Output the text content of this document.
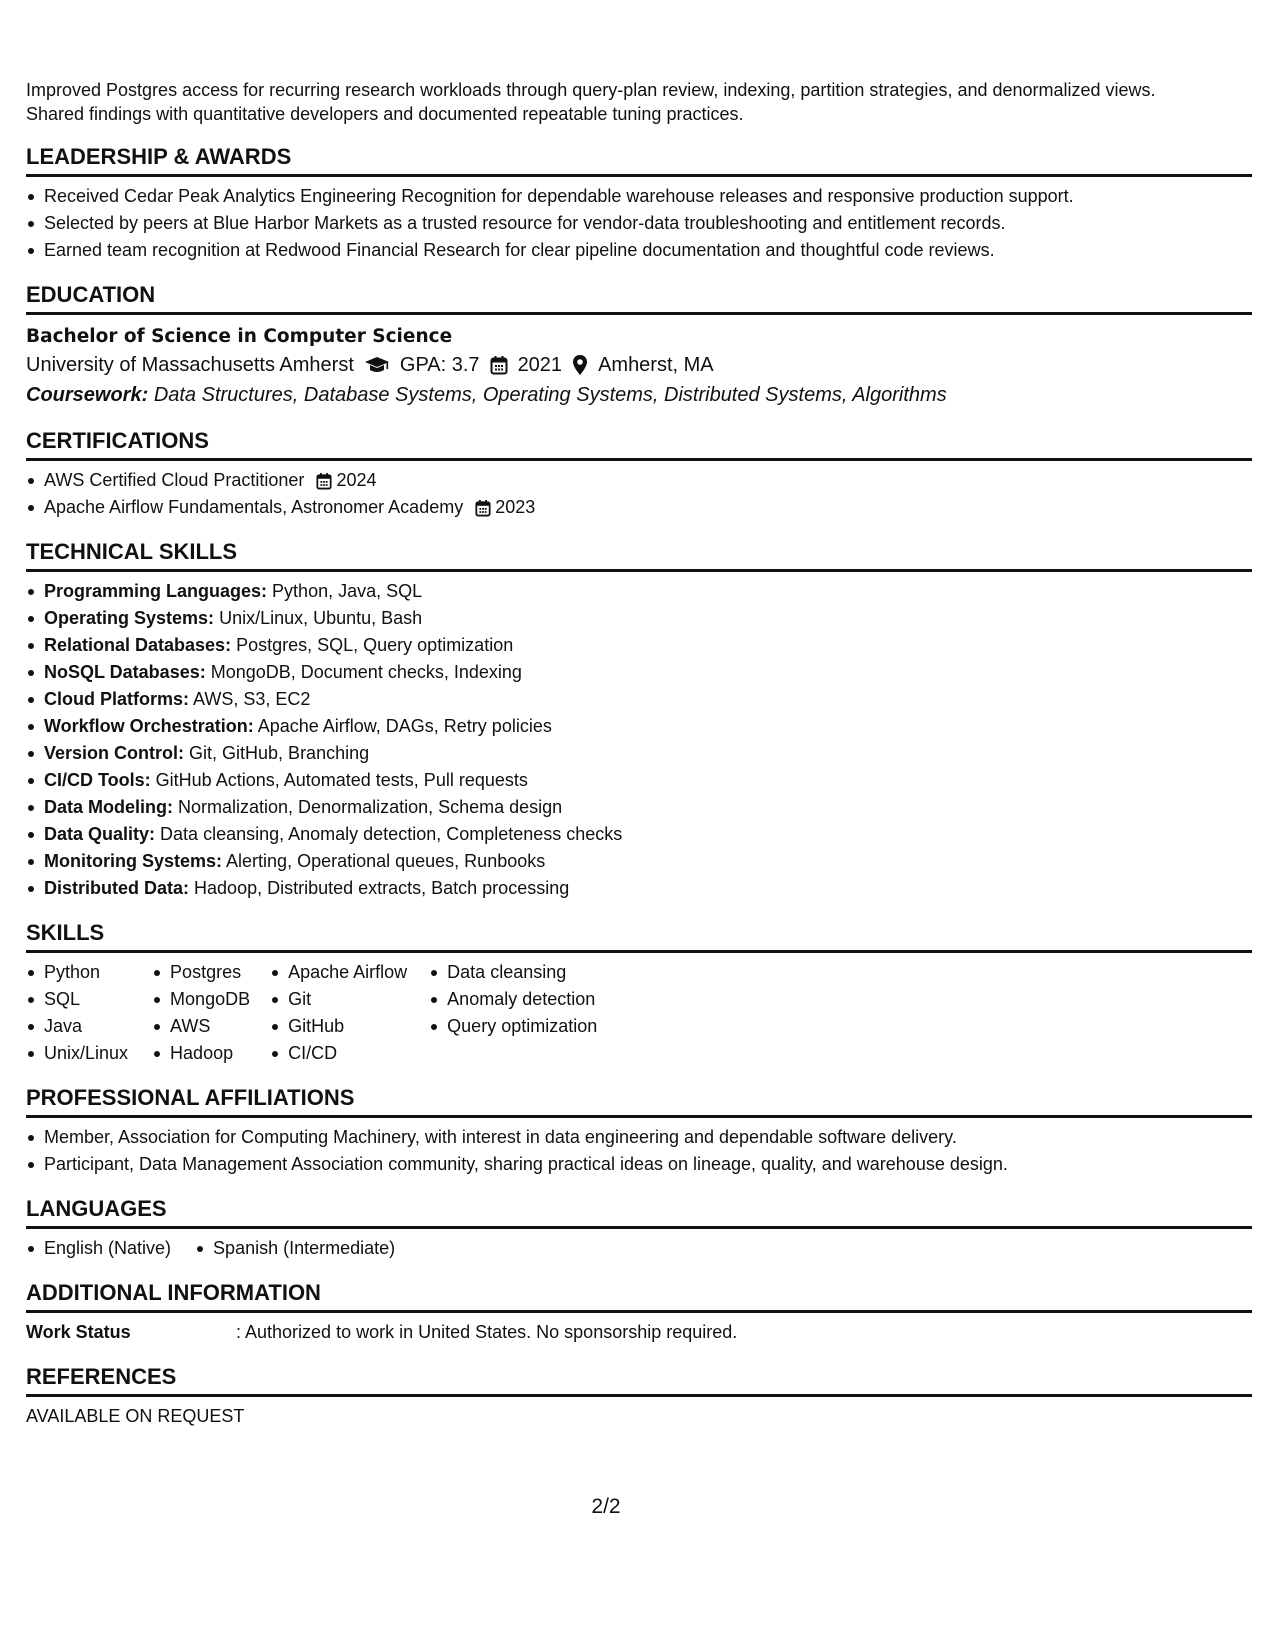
Improved Postgres access for recurring research workloads through query-plan review, indexing, partition strategies, and denormalized views.

Shared findings with quantitative developers and documented repeatable tuning practices.

LEADERSHIP & AWARDS
Received Cedar Peak Analytics Engineering Recognition for dependable warehouse releases and responsive production support.
Selected by peers at Blue Harbor Markets as a trusted resource for vendor-data troubleshooting and entitlement records.
Earned team recognition at Redwood Financial Research for clear pipeline documentation and thoughtful code reviews.
EDUCATION
Bachelor of Science in Computer Science
University of Massachusetts Amherst GPA: 3.7 2021 Amherst, MA
Coursework: Data Structures, Database Systems, Operating Systems, Distributed Systems, Algorithms
CERTIFICATIONS
AWS Certified Cloud Practitioner 2024
Apache Airflow Fundamentals, Astronomer Academy 2023
TECHNICAL SKILLS
Programming Languages: Python, Java, SQL
Operating Systems: Unix/Linux, Ubuntu, Bash
Relational Databases: Postgres, SQL, Query optimization
NoSQL Databases: MongoDB, Document checks, Indexing
Cloud Platforms: AWS, S3, EC2
Workflow Orchestration: Apache Airflow, DAGs, Retry policies
Version Control: Git, GitHub, Branching
CI/CD Tools: GitHub Actions, Automated tests, Pull requests
Data Modeling: Normalization, Denormalization, Schema design
Data Quality: Data cleansing, Anomaly detection, Completeness checks
Monitoring Systems: Alerting, Operational queues, Runbooks
Distributed Data: Hadoop, Distributed extracts, Batch processing
SKILLS
Python
SQL
Java
Unix/Linux
Postgres
MongoDB
AWS
Hadoop
Apache Airflow
Git
GitHub
CI/CD
Data cleansing
Anomaly detection
Query optimization
PROFESSIONAL AFFILIATIONS
Member, Association for Computing Machinery, with interest in data engineering and dependable software delivery.
Participant, Data Management Association community, sharing practical ideas on lineage, quality, and warehouse design.
LANGUAGES
English (Native)	Spanish (Intermediate)
ADDITIONAL INFORMATION
Work Status	: Authorized to work in United States. No sponsorship required.
REFERENCES
AVAILABLE ON REQUEST
2/2
